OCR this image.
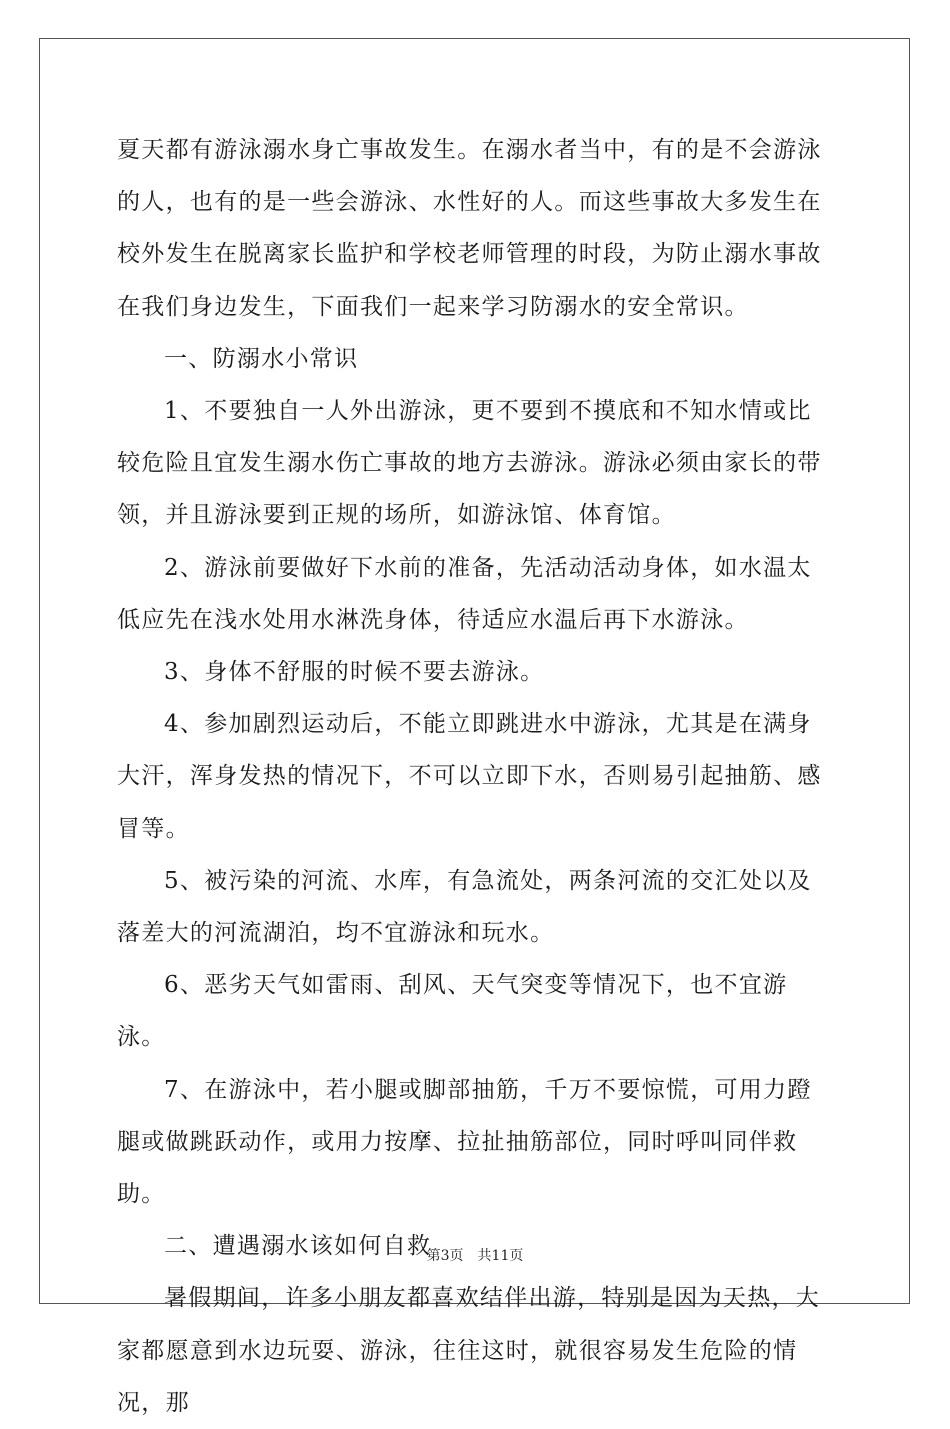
夏天都有游泳溺水身亡事故发生。在溺水者当中，有的是不会游泳的人，也有的是一些会游泳、水性好的人。而这些事故大多发生在校外发生在脱离家长监护和学校老师管理的时段，为防止溺水事故在我们身边发生，下面我们一起来学习防溺水的安全常识。

一、防溺水小常识

1、不要独自一人外出游泳，更不要到不摸底和不知水情或比较危险且宜发生溺水伤亡事故的地方去游泳。游泳必须由家长的带领，并且游泳要到正规的场所，如游泳馆、体育馆。

2、游泳前要做好下水前的准备，先活动活动身体，如水温太低应先在浅水处用水淋洗身体，待适应水温后再下水游泳。

3、身体不舒服的时候不要去游泳。

4、参加剧烈运动后，不能立即跳进水中游泳，尤其是在满身大汗，浑身发热的情况下，不可以立即下水，否则易引起抽筋、感冒等。

5、被污染的河流、水库，有急流处，两条河流的交汇处以及落差大的河流湖泊，均不宜游泳和玩水。

6、恶劣天气如雷雨、刮风、天气突变等情况下，也不宜游泳。

7、在游泳中，若小腿或脚部抽筋，千万不要惊慌，可用力蹬腿或做跳跃动作，或用力按摩、拉扯抽筋部位，同时呼叫同伴救助。

二、遭遇溺水该如何自救

暑假期间，许多小朋友都喜欢结伴出游，特别是因为天热，大家都愿意到水边玩耍、游泳，往往这时，就很容易发生危险的情况，那

第3页 共11页
